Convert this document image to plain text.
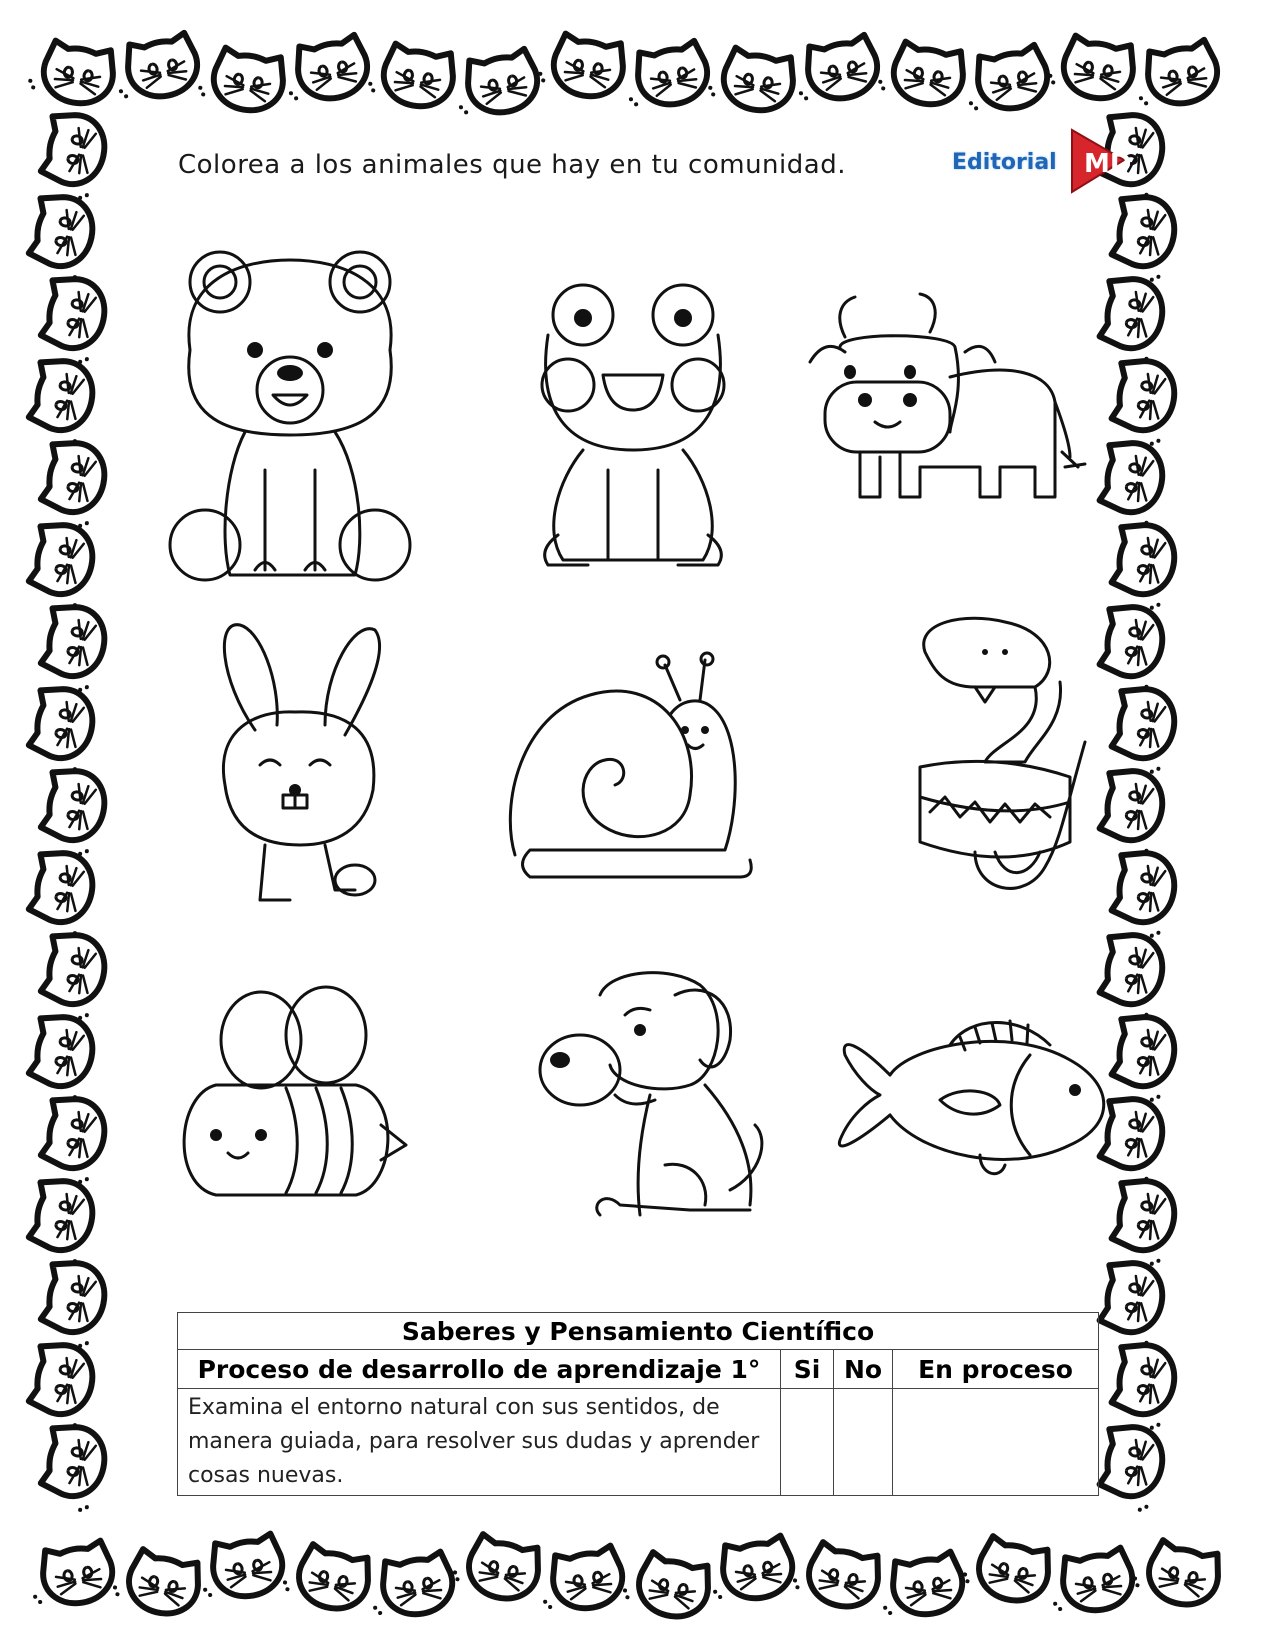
Colorea a los animales que hay en tu comunidad.	Editorial MD
Saberes y Pensamiento Científico			
Proceso de desarrollo de aprendizaje 1°	Si	No	En proceso
Examina el entorno natural con sus sentidos, de manera guiada, para resolver sus dudas y aprender cosas nuevas.			
